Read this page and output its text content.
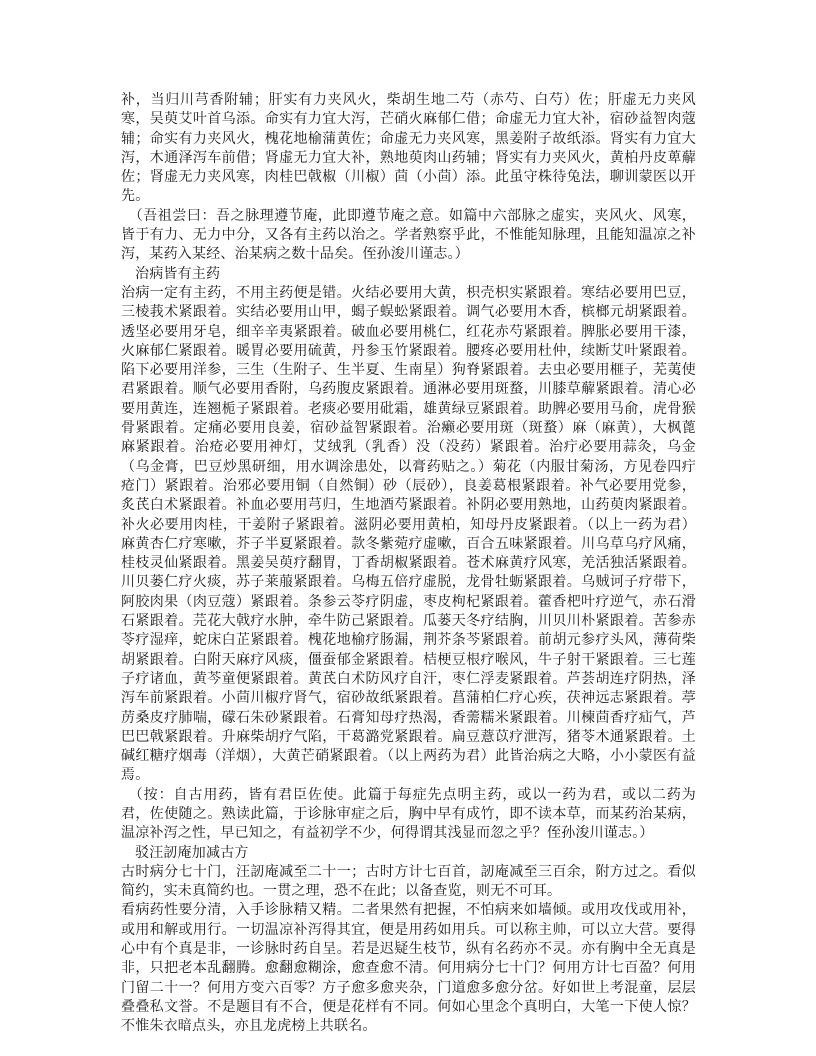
补，当归川芎香附辅；肝实有力夹风火，柴胡生地二芍（赤芍、白芍）佐；肝虚无力夹风寒，吴萸艾叶首乌添。命实有力宜大泻，芒硝火麻郁仁借；命虚无力宜大补，宿砂益智肉蔻辅；命实有力夹风火，槐花地榆蒲黄佐；命虚无力夹风寒，黑姜附子故纸添。肾实有力宜大泻，木通泽泻车前借；肾虚无力宜大补，熟地萸肉山药辅；肾实有力夹风火，黄柏丹皮萆薢佐；肾虚无力夹风寒，肉桂巴戟椒（川椒）茴（小茴）添。此虽守株待兔法，聊训蒙医以开先。

（吾祖尝曰：吾之脉理遵节庵，此即遵节庵之意。如篇中六部脉之虚实，夹风火、风寒，皆于有力、无力中分，又各有主药以治之。学者熟察乎此，不惟能知脉理，且能知温凉之补泻，某药入某经、治某病之数十品矣。侄孙浚川谨志。）

治病皆有主药

治病一定有主药，不用主药便是错。火结必要用大黄，枳壳枳实紧跟着。寒结必要用巴豆，三棱莪术紧跟着。实结必要用山甲，蝎子蜈蚣紧跟着。调气必要用木香，槟榔元胡紧跟着。透坚必要用牙皂，细辛辛夷紧跟着。破血必要用桃仁，红花赤芍紧跟着。脾胀必要用干漆，火麻郁仁紧跟着。暖胃必要用硫黄，丹参玉竹紧跟着。腰疼必要用杜仲，续断艾叶紧跟着。陷下必要用洋参，三生（生附子、生半夏、生南星）狗脊紧跟着。去虫必要用榧子，芜荑使君紧跟着。顺气必要用香附，乌药腹皮紧跟着。通淋必要用斑蝥，川膝草薢紧跟着。清心必要用黄连，连翘栀子紧跟着。老痰必要用砒霜，雄黄绿豆紧跟着。助脾必要用马俞，虎骨猴骨紧跟着。定痛必要用良姜，宿砂益智紧跟着。治癞必要用斑（斑蝥）麻（麻黄），大枫蓖麻紧跟着。治疮必要用神灯，艾绒乳（乳香）没（没药）紧跟着。治疔必要用蒜灸，乌金（乌金膏，巴豆炒黑研细，用水调涂患处，以膏药贴之。）菊花（内服甘菊汤，方见卷四疔疮门）紧跟着。治邪必要用铜（自然铜）砂（辰砂），良姜葛根紧跟着。补气必要用党参，炙芪白术紧跟着。补血必要用芎归，生地酒芍紧跟着。补阴必要用熟地，山药萸肉紧跟着。补火必要用肉桂，干姜附子紧跟着。滋阴必要用黄柏，知母丹皮紧跟着。（以上一药为君）麻黄杏仁疗寒嗽，芥子半夏紧跟着。款冬紫菀疗虚嗽，百合五味紧跟着。川乌草乌疗风痛，桂枝灵仙紧跟着。黑姜吴萸疗翻胃，丁香胡椒紧跟着。苍术麻黄疗风寒，羌活独活紧跟着。川贝蒌仁疗火痰，苏子莱菔紧跟着。乌梅五倍疗虚脱，龙骨牡蛎紧跟着。乌贼诃子疗带下，阿胶肉果（肉豆蔻）紧跟着。条参云苓疗阴虚，枣皮枸杞紧跟着。藿香杷叶疗逆气，赤石滑石紧跟着。芫花大戟疗水肿，牵牛防己紧跟着。瓜蒌天冬疗结胸，川贝川朴紧跟着。苦参赤苓疗湿痒，蛇床白芷紧跟着。槐花地榆疗肠漏，荆芥条芩紧跟着。前胡元参疗头风，薄荷柴胡紧跟着。白附天麻疗风痰，僵蚕郁金紧跟着。桔梗豆根疗喉风，牛子射干紧跟着。三七莲子疗诸血，黄芩童便紧跟着。黄芪白术防风疗自汗，枣仁浮麦紧跟着。芦荟胡连疗阴热，泽泻车前紧跟着。小茴川椒疗肾气，宿砂故纸紧跟着。菖蒲柏仁疗心疾，茯神远志紧跟着。葶苈桑皮疗肺喘，礞石朱砂紧跟着。石膏知母疗热渴，香薷糯米紧跟着。川楝茴香疗疝气，芦巴巴戟紧跟着。升麻柴胡疗气陷，干葛潞党紧跟着。扁豆薏苡疗泄泻，猪苓木通紧跟着。土碱红糖疗烟毒（洋烟），大黄芒硝紧跟着。（以上两药为君）此皆治病之大略，小小蒙医有益焉。

（按：自古用药，皆有君臣佐使。此篇于每症先点明主药，或以一药为君，或以二药为君，佐使随之。熟读此篇，于诊脉审症之后，胸中早有成竹，即不读本草，而某药治某病，温凉补泻之性，早已知之，有益初学不少，何得谓其浅显而忽之乎？侄孙浚川谨志。）

驳汪訒庵加减古方

古时病分七十门，汪訒庵减至二十一；古时方计七百首，訒庵减至三百余，附方过之。看似简约，实未真简约也。一贯之理，恐不在此；以备查览，则无不可耳。

看病药性要分清，入手诊脉精又精。二者果然有把握，不怕病来如墙倾。或用攻伐或用补，或用和解或用行。一切温凉补泻得其宜，便是用药如用兵。可以称主帅，可以立大营。要得心中有个真是非，一诊脉时药自呈。若是迟疑生枝节，纵有名药亦不灵。亦有胸中全无真是非，只把老本乱翻腾。愈翻愈糊涂，愈查愈不清。何用病分七十门？何用方计七百盈？何用门留二十一？何用方变六百零？方子愈多愈夹杂，门道愈多愈分岔。好如世上考混童，层层叠叠私文誉。不是题目有不合，便是花样有不同。何如心里念个真明白，大笔一下使人惊？不惟朱衣暗点头，亦且龙虎榜上共联名。
